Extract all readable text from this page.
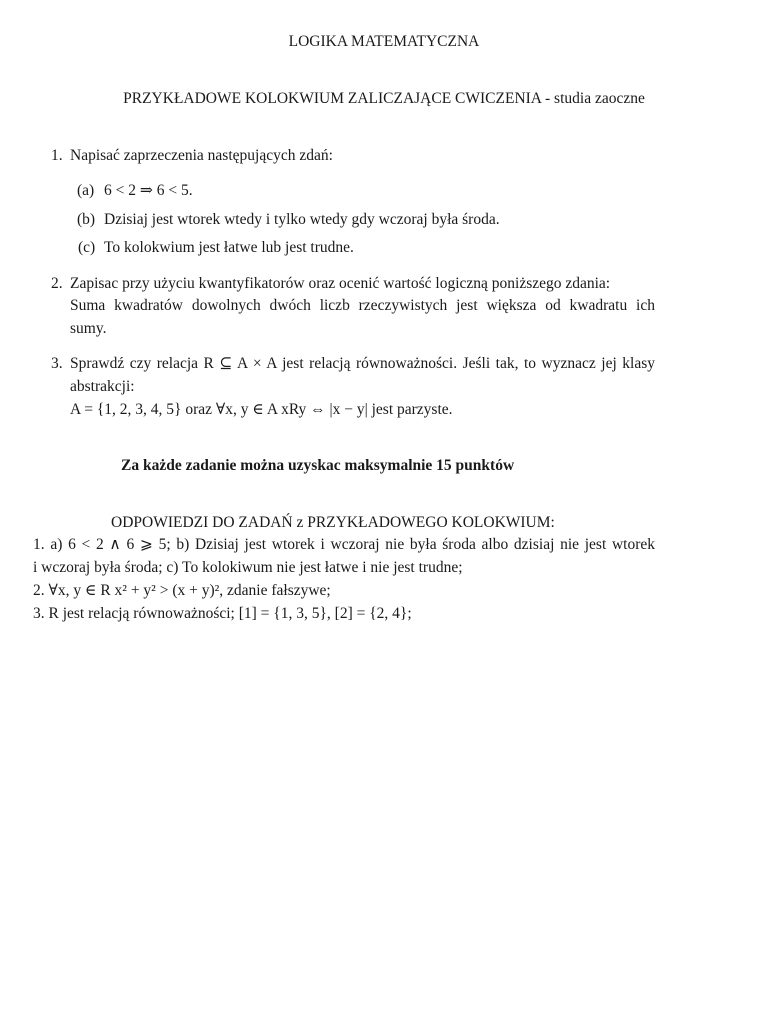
LOGIKA MATEMATYCZNA
PRZYKŁADOWE KOLOKWIUM ZALICZAJĄCE CWICZENIA - studia zaoczne
1. Napisać zaprzeczenia następujących zdań:
(a) 6 < 2 ⇒ 6 < 5.
(b) Dzisiaj jest wtorek wtedy i tylko wtedy gdy wczoraj była środa.
(c) To kolokwium jest łatwe lub jest trudne.
2. Zapisac przy użyciu kwantyfikatorów oraz ocenić wartość logiczną poniższego zdania:
Suma kwadratów dowolnych dwóch liczb rzeczywistych jest większa od kwadratu ich
sumy.
3. Sprawdź czy relacja R ⊆ A × A jest relacją równoważności. Jeśli tak, to wyznacz jej klasy
abstrakcji:
A = {1, 2, 3, 4, 5} oraz ∀x, y ∈ A xRy ⇔ |x − y| jest parzyste.
Za każde zadanie można uzyskac maksymalnie 15 punktów
ODPOWIEDZI DO ZADAŃ z PRZYKŁADOWEGO KOLOKWIUM:
1. a) 6 < 2 ∧ 6 ⩾ 5; b) Dzisiaj jest wtorek i wczoraj nie była środa albo dzisiaj nie jest wtorek
i wczoraj była środa; c) To kolokiwum nie jest łatwe i nie jest trudne;
2. ∀x, y ∈ R x² + y² > (x + y)², zdanie fałszywe;
3. R jest relacją równoważności; [1] = {1, 3, 5}, [2] = {2, 4};
